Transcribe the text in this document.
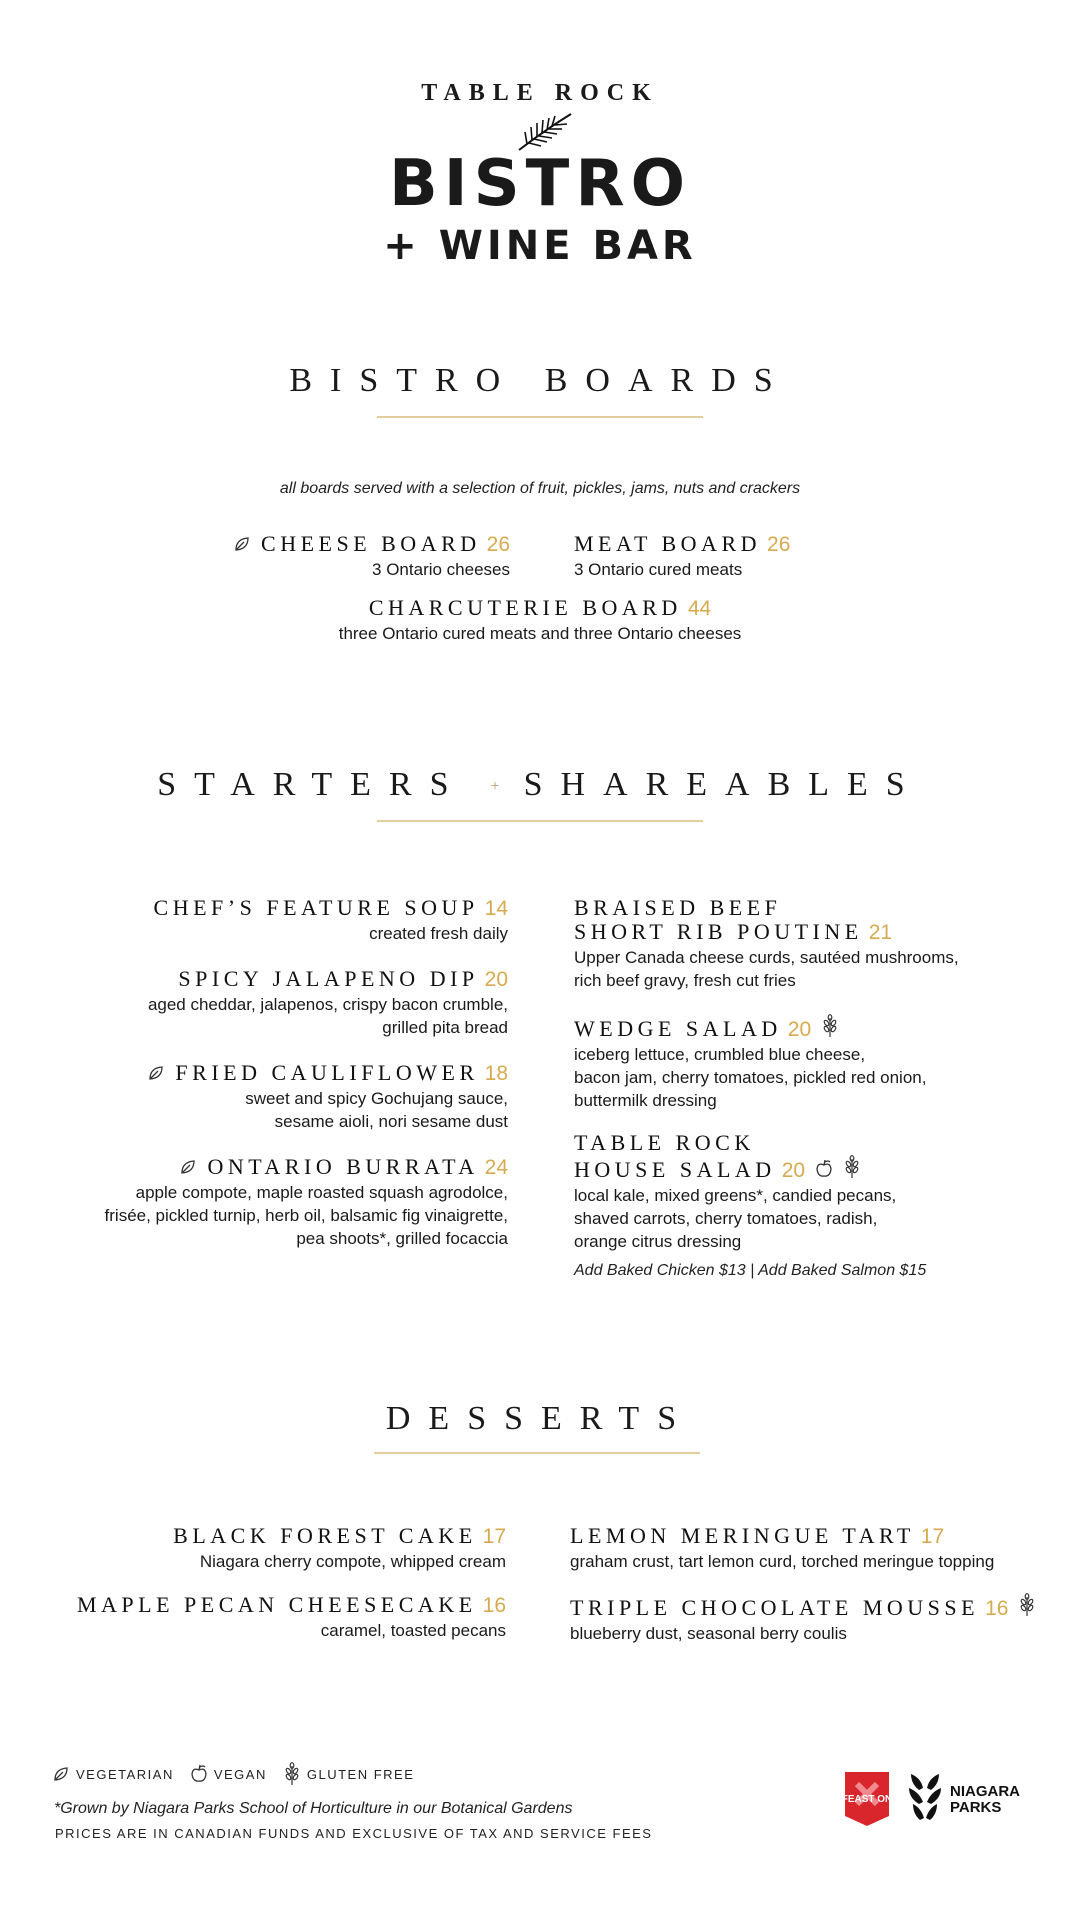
TABLE ROCK
BISTRO
+ WINE BAR
BISTRO BOARDS
all boards served with a selection of fruit, pickles, jams, nuts and crackers
CHEESE BOARD 26
3 Ontario cheeses
MEAT BOARD 26
3 Ontario cured meats
CHARCUTERIE BOARD 44
three Ontario cured meats and three Ontario cheeses
STARTERS + SHAREABLES
CHEF’S FEATURE SOUP 14
created fresh daily
SPICY JALAPENO DIP 20
aged cheddar, jalapenos, crispy bacon crumble,
grilled pita bread
FRIED CAULIFLOWER 18
sweet and spicy Gochujang sauce,
sesame aioli, nori sesame dust
ONTARIO BURRATA 24
apple compote, maple roasted squash agrodolce,
frisée, pickled turnip, herb oil, balsamic fig vinaigrette,
pea shoots*, grilled focaccia
BRAISED BEEF
SHORT RIB POUTINE 21
Upper Canada cheese curds, sautéed mushrooms,
rich beef gravy, fresh cut fries
WEDGE SALAD 20
iceberg lettuce, crumbled blue cheese,
bacon jam, cherry tomatoes, pickled red onion,
buttermilk dressing
TABLE ROCK
HOUSE SALAD 20
local kale, mixed greens*, candied pecans,
shaved carrots, cherry tomatoes, radish,
orange citrus dressing
Add Baked Chicken $13 | Add Baked Salmon $15
DESSERTS
BLACK FOREST CAKE 17
Niagara cherry compote, whipped cream
MAPLE PECAN CHEESECAKE 16
caramel, toasted pecans
LEMON MERINGUE TART 17
graham crust, tart lemon curd, torched meringue topping
TRIPLE CHOCOLATE MOUSSE 16
blueberry dust, seasonal berry coulis
VEGETARIAN	VEGAN	GLUTEN FREE
*Grown by Niagara Parks School of Horticulture in our Botanical Gardens
PRICES ARE IN CANADIAN FUNDS AND EXCLUSIVE OF TAX AND SERVICE FEES
FEAST ON	NIAGARA
PARKS
